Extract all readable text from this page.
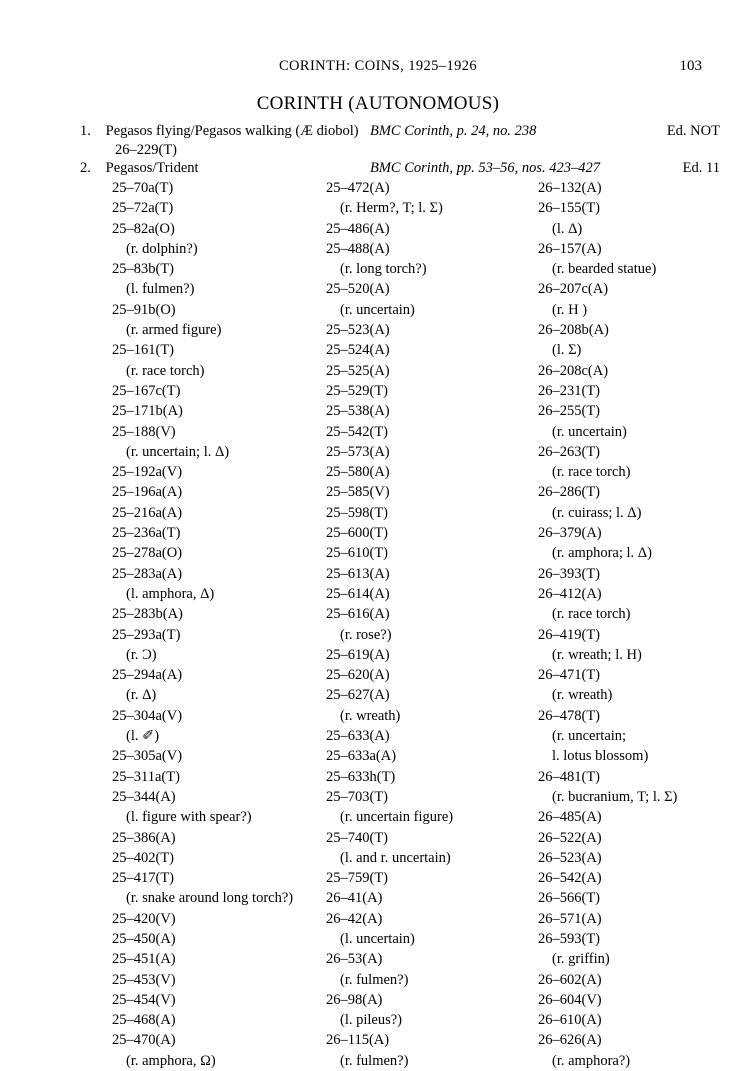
CORINTH: COINS, 1925–1926	103
CORINTH (AUTONOMOUS)
1. Pegasos flying/Pegasos walking (Æ diobol) BMC Corinth, p. 24, no. 238	Ed. NOT
26–229(T)
2. Pegasos/Trident	BMC Corinth, pp. 53–56, nos. 423–427	Ed. 11
25–70a(T)
25–72a(T)
25–82a(O)
(r. dolphin?)
25–83b(T)
(l. fulmen?)
25–91b(O)
(r. armed figure)
25–161(T)
(r. race torch)
25–167c(T)
25–171b(A)
25–188(V)
(r. uncertain; l. Δ)
25–192a(V)
25–196a(A)
25–216a(A)
25–236a(T)
25–278a(O)
25–283a(A)
(l. amphora, Δ)
25–283b(A)
25–293a(T)
(r. Ɔ)
25–294a(A)
(r. Δ)
25–304a(V)
(l. ✐)
25–305a(V)
25–311a(T)
25–344(A)
(l. figure with spear?)
25–386(A)
25–402(T)
25–417(T)
(r. snake around long torch?)
25–420(V)
25–450(A)
25–451(A)
25–453(V)
25–454(V)
25–468(A)
25–470(A)
(r. amphora, Ω)
25–472(A)
(r. Herm?, T; l. Σ)
25–486(A)
25–488(A)
(r. long torch?)
25–520(A)
(r. uncertain)
25–523(A)
25–524(A)
25–525(A)
25–529(T)
25–538(A)
25–542(T)
25–573(A)
25–580(A)
25–585(V)
25–598(T)
25–600(T)
25–610(T)
25–613(A)
25–614(A)
25–616(A)
(r. rose?)
25–619(A)
25–620(A)
25–627(A)
(r. wreath)
25–633(A)
25–633a(A)
25–633h(T)
25–703(T)
(r. uncertain figure)
25–740(T)
(l. and r. uncertain)
25–759(T)
26–41(A)
26–42(A)
(l. uncertain)
26–53(A)
(r. fulmen?)
26–98(A)
(l. pileus?)
26–115(A)
(r. fulmen?)
26–132(A)
26–155(T)
(l. Δ)
26–157(A)
(r. bearded statue)
26–207c(A)
(r. Н )
26–208b(A)
(l. Σ)
26–208c(A)
26–231(T)
26–255(T)
(r. uncertain)
26–263(T)
(r. race torch)
26–286(T)
(r. cuirass; l. Δ)
26–379(A)
(r. amphora; l. Δ)
26–393(T)
26–412(A)
(r. race torch)
26–419(T)
(r. wreath; l. H)
26–471(T)
(r. wreath)
26–478(T)
(r. uncertain;
l. lotus blossom)
26–481(T)
(r. bucranium, T; l. Σ)
26–485(A)
26–522(A)
26–523(A)
26–542(A)
26–566(T)
26–571(A)
26–593(T)
(r. griffin)
26–602(A)
26–604(V)
26–610(A)
26–626(A)
(r. amphora?)
